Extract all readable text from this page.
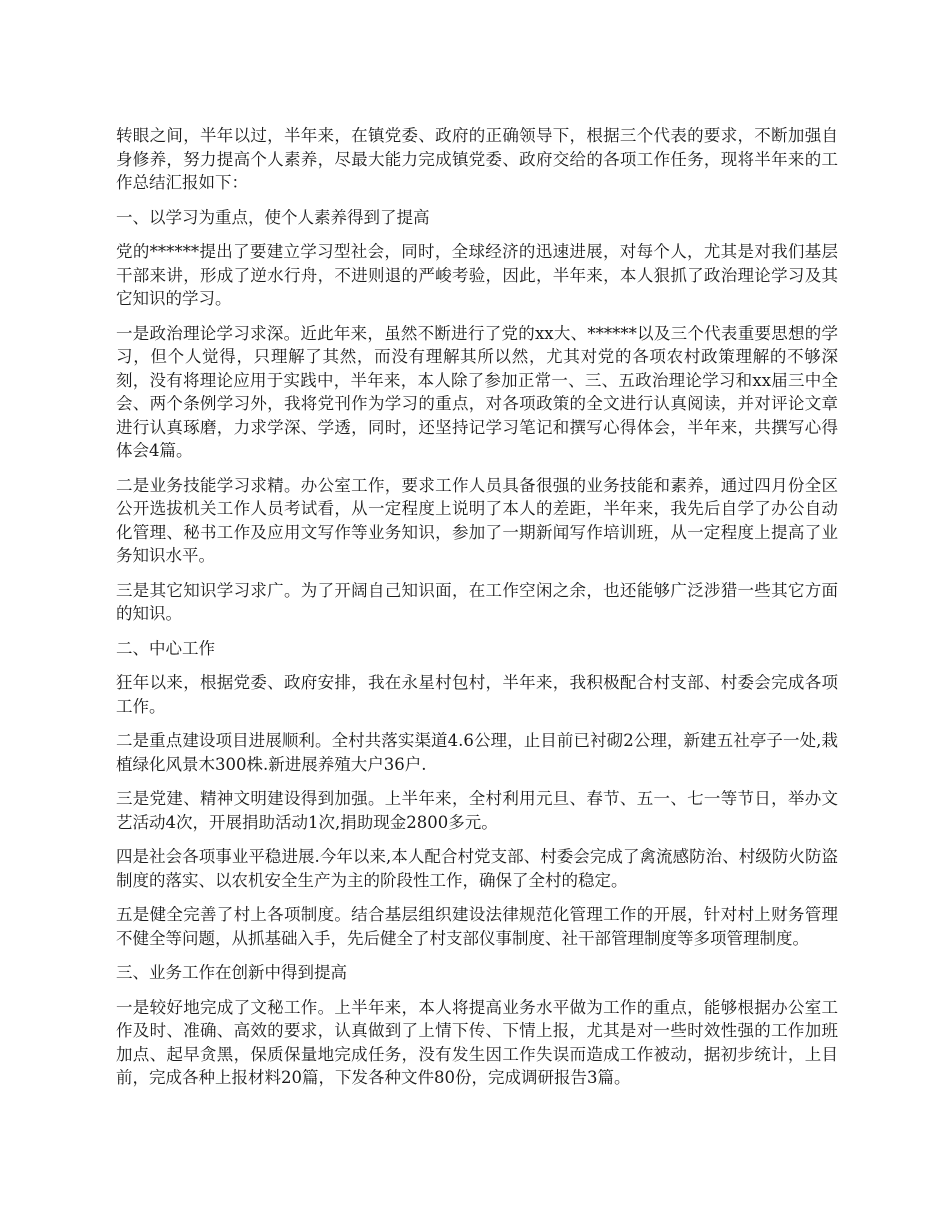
转眼之间，半年以过，半年来，在镇党委、政府的正确领导下，根据三个代表的要求，不断加强自身修养，努力提高个人素养，尽最大能力完成镇党委、政府交给的各项工作任务，现将半年来的工作总结汇报如下：

一、以学习为重点，使个人素养得到了提高

党的******提出了要建立学习型社会，同时，全球经济的迅速进展，对每个人，尤其是对我们基层干部来讲，形成了逆水行舟，不进则退的严峻考验，因此，半年来，本人狠抓了政治理论学习及其它知识的学习。

一是政治理论学习求深。近此年来，虽然不断进行了党的xx大、******以及三个代表重要思想的学习，但个人觉得，只理解了其然，而没有理解其所以然，尤其对党的各项农村政策理解的不够深刻，没有将理论应用于实践中，半年来，本人除了参加正常一、三、五政治理论学习和xx届三中全会、两个条例学习外，我将党刊作为学习的重点，对各项政策的全文进行认真阅读，并对评论文章进行认真琢磨，力求学深、学透，同时，还坚持记学习笔记和撰写心得体会，半年来，共撰写心得体会4篇。

二是业务技能学习求精。办公室工作，要求工作人员具备很强的业务技能和素养，通过四月份全区公开选拔机关工作人员考试看，从一定程度上说明了本人的差距，半年来，我先后自学了办公自动化管理、秘书工作及应用文写作等业务知识，参加了一期新闻写作培训班，从一定程度上提高了业务知识水平。

三是其它知识学习求广。为了开阔自己知识面，在工作空闲之余，也还能够广泛涉猎一些其它方面的知识。

二、中心工作

狂年以来，根据党委、政府安排，我在永星村包村，半年来，我积极配合村支部、村委会完成各项工作。

二是重点建设项目进展顺利。全村共落实渠道4.6公理，止目前已衬砌2公理，新建五社亭子一处,栽植绿化风景木300株.新进展养殖大户36户.

三是党建、精神文明建设得到加强。上半年来，全村利用元旦、春节、五一、七一等节日，举办文艺活动4次，开展捐助活动1次,捐助现金2800多元。

四是社会各项事业平稳进展.今年以来,本人配合村党支部、村委会完成了禽流感防治、村级防火防盗制度的落实、以农机安全生产为主的阶段性工作，确保了全村的稳定。

五是健全完善了村上各项制度。结合基层组织建设法律规范化管理工作的开展，针对村上财务管理不健全等问题，从抓基础入手，先后健全了村支部仪事制度、社干部管理制度等多项管理制度。

三、业务工作在创新中得到提高

一是较好地完成了文秘工作。上半年来，本人将提高业务水平做为工作的重点，能够根据办公室工作及时、准确、高效的要求，认真做到了上情下传、下情上报，尤其是对一些时效性强的工作加班加点、起早贪黑，保质保量地完成任务，没有发生因工作失误而造成工作被动，据初步统计，上目前，完成各种上报材料20篇，下发各种文件80份，完成调研报告3篇。
